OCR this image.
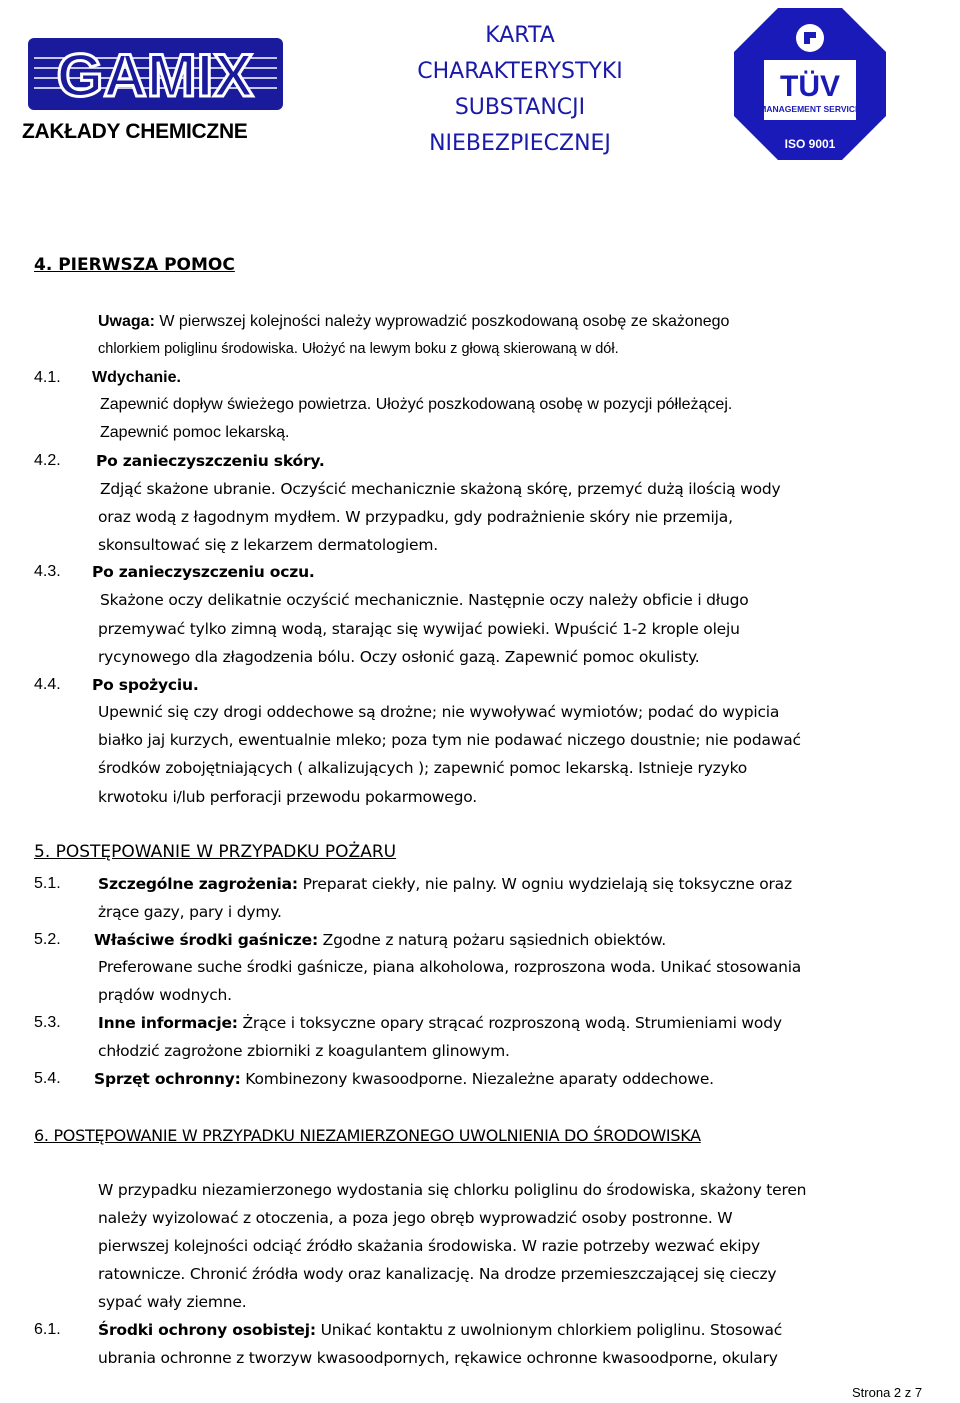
GAMIX
ZAKŁADY CHEMICZNE
KARTA
CHARAKTERYSTYKI
SUBSTANCJI
NIEBEZPIECZNEJ
TÜV
MANAGEMENT SERVICE
ISO 9001
4. PIERWSZA POMOC
Uwaga: W pierwszej kolejności należy wyprowadzić poszkodowaną osobę ze skażonego
chlorkiem poliglinu środowiska. Ułożyć na lewym boku z głową skierowaną w dół.
4.1. Wdychanie.
Zapewnić dopływ świeżego powietrza. Ułożyć poszkodowaną osobę w pozycji półleżącej.
Zapewnić pomoc lekarską.
4.2. Po zanieczyszczeniu skóry.
Zdjąć skażone ubranie. Oczyścić mechanicznie skażoną skórę, przemyć dużą ilością wody
oraz wodą z łagodnym mydłem. W przypadku, gdy podrażnienie skóry nie przemija,
skonsultować się z lekarzem dermatologiem.
4.3. Po zanieczyszczeniu oczu.
Skażone oczy delikatnie oczyścić mechanicznie. Następnie oczy należy obficie i długo
przemywać tylko zimną wodą, starając się wywijać powieki. Wpuścić 1-2 krople oleju
rycynowego dla złagodzenia bólu. Oczy osłonić gazą. Zapewnić pomoc okulisty.
4.4. Po spożyciu.
Upewnić się czy drogi oddechowe są drożne; nie wywoływać wymiotów; podać do wypicia
białko jaj kurzych, ewentualnie mleko; poza tym nie podawać niczego doustnie; nie podawać
środków zobojętniających ( alkalizujących ); zapewnić pomoc lekarską. Istnieje ryzyko
krwotoku i/lub perforacji przewodu pokarmowego.
5. POSTĘPOWANIE W PRZYPADKU POŻARU
5.1. Szczególne zagrożenia: Preparat ciekły, nie palny. W ogniu wydzielają się toksyczne oraz
żrące gazy, pary i dymy.
5.2. Właściwe środki gaśnicze: Zgodne z naturą pożaru sąsiednich obiektów.
Preferowane suche środki gaśnicze, piana alkoholowa, rozproszona woda. Unikać stosowania
prądów wodnych.
5.3. Inne informacje: Żrące i toksyczne opary strącać rozproszoną wodą. Strumieniami wody
chłodzić zagrożone zbiorniki z koagulantem glinowym.
5.4. Sprzęt ochronny: Kombinezony kwasoodporne. Niezależne aparaty oddechowe.
6. POSTĘPOWANIE W PRZYPADKU NIEZAMIERZONEGO UWOLNIENIA DO ŚRODOWISKA
W przypadku niezamierzonego wydostania się chlorku poliglinu do środowiska, skażony teren
należy wyizolować z otoczenia, a poza jego obręb wyprowadzić osoby postronne. W
pierwszej kolejności odciąć źródło skażania środowiska. W razie potrzeby wezwać ekipy
ratownicze. Chronić źródła wody oraz kanalizację. Na drodze przemieszczającej się cieczy
sypać wały ziemne.
6.1. Środki ochrony osobistej: Unikać kontaktu z uwolnionym chlorkiem poliglinu. Stosować
ubrania ochronne z tworzyw kwasoodpornych, rękawice ochronne kwasoodporne, okulary
Strona 2 z 7
